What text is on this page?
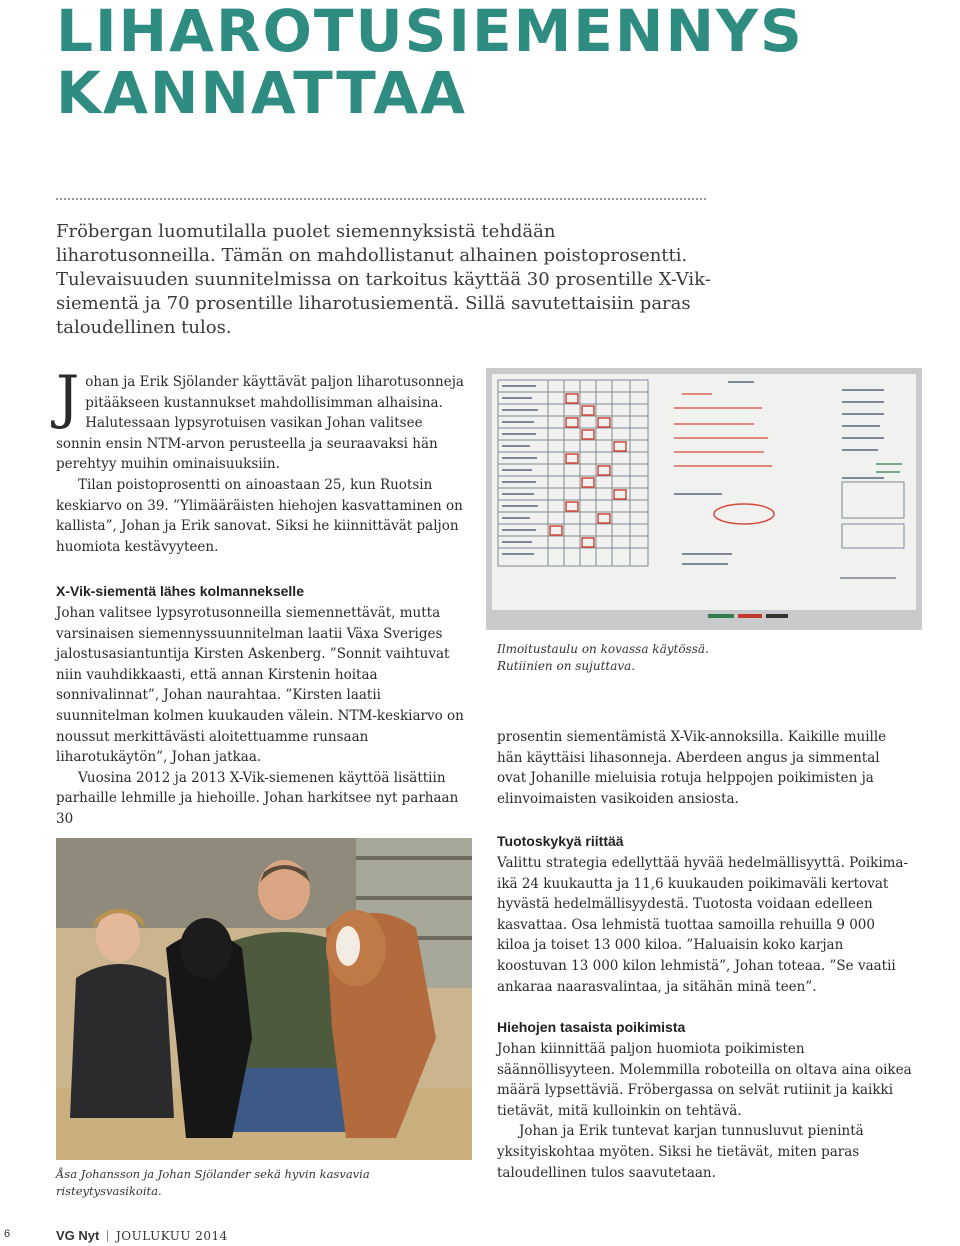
LIHAROTUSIEMENNYS
KANNATTAA

Fröbergan luomutilalla puolet siemennyksistä tehdään liharotusonneilla. Tämän on mahdollistanut alhainen poistoprosentti. Tulevaisuuden suunnitelmissa on tarkoitus käyttää 30 prosentille X-Vik-siementä ja 70 prosentille liharotusiementä. Sillä savutettaisiin paras taloudellinen tulos.

Johan ja Erik Sjölander käyttävät paljon liharotusonneja pitääkseen kustannukset mahdollisimman alhaisina. Halutessaan lypsyrotuisen vasikan Johan valitsee sonnin ensin NTM-arvon perusteella ja seuraavaksi hän perehtyy muihin ominaisuuksiin.

Tilan poistoprosentti on ainoastaan 25, kun Ruotsin keskiarvo on 39. ”Ylimääräisten hiehojen kasvattaminen on kallista”, Johan ja Erik sanovat. Siksi he kiinnittävät paljon huomiota kestävyyteen.

X-Vik-siementä lähes kolmannekselle

Johan valitsee lypsyrotusonneilla siemennettävät, mutta varsinaisen siemennyssuunnitelman laatii Växa Sveriges jalostusasiantuntija Kirsten Askenberg. ”Sonnit vaihtuvat niin vauhdikkaasti, että annan Kirstenin hoitaa sonnivalinnat”, Johan naurahtaa. ”Kirsten laatii suunnitelman kolmen kuukauden välein. NTM-keskiarvo on noussut merkittävästi aloitettuamme runsaan liharotukäytön”, Johan jatkaa.

Vuosina 2012 ja 2013 X-Vik-siemenen käyttöä lisättiin parhaille lehmille ja hiehoille. Johan harkitsee nyt parhaan 30

Ilmoitustaulu on kovassa käytössä.

Rutiinien on sujuttava.

prosentin siementämistä X-Vik-annoksilla. Kaikille muille hän käyttäisi lihasonneja. Aberdeen angus ja simmental ovat Johanille mieluisia rotuja helppojen poikimisten ja elinvoimaisten vasikoiden ansiosta.

Tuotoskykyä riittää

Valittu strategia edellyttää hyvää hedelmällisyyttä. Poikima-ikä 24 kuukautta ja 11,6 kuukauden poikimaväli kertovat hyvästä hedelmällisyydestä. Tuotosta voidaan edelleen kasvattaa. Osa lehmistä tuottaa samoilla rehuilla 9 000 kiloa ja toiset 13 000 kiloa. ”Haluaisin koko karjan koostuvan 13 000 kilon lehmistä”, Johan toteaa. ”Se vaatii ankaraa naarasvalintaa, ja sitähän minä teen”.

Hiehojen tasaista poikimista

Johan kiinnittää paljon huomiota poikimisten säännöllisyyteen. Molemmilla roboteilla on oltava aina oikea määrä lypsettäviä. Fröbergassa on selvät rutiinit ja kaikki tietävät, mitä kulloinkin on tehtävä.

Johan ja Erik tuntevat karjan tunnusluvut pienintä yksityiskohtaa myöten. Siksi he tietävät, miten paras taloudellinen tulos saavutetaan.

Åsa Johansson ja Johan Sjölander sekä hyvin kasvavia risteytysvasikoita.

6	VG Nyt | JOULUKUU 2014
